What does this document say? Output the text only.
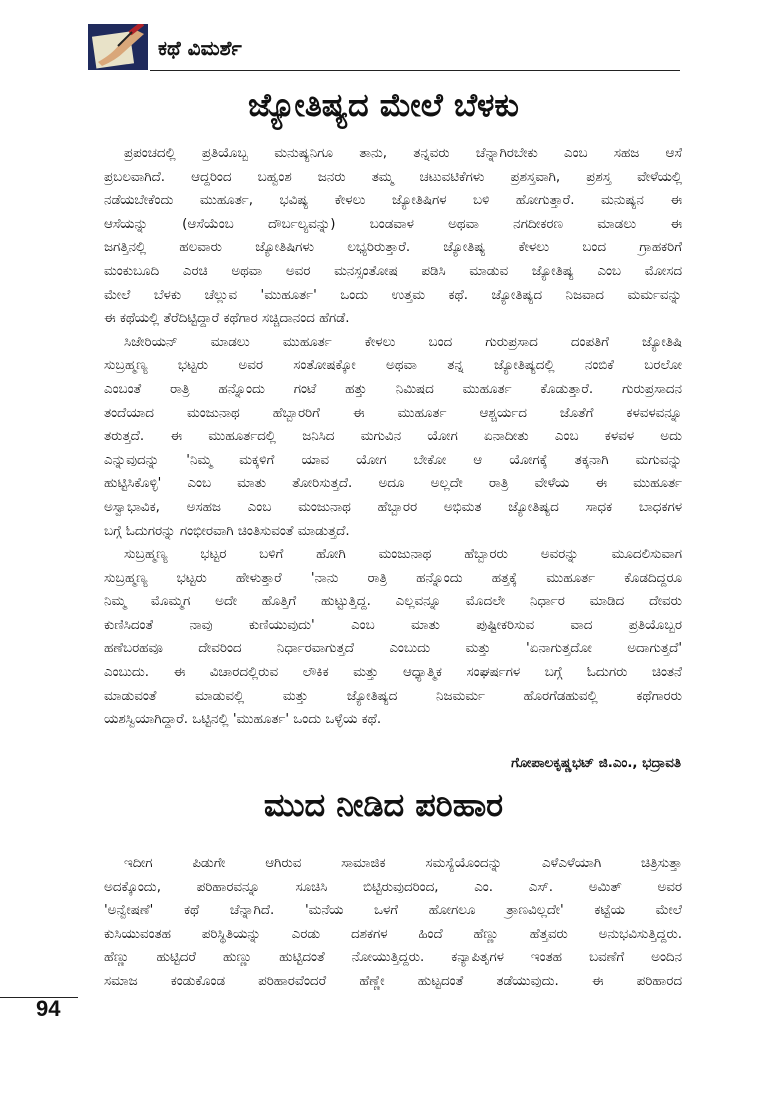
ಕಥೆ ವಿಮರ್ಶೆ
ಜ್ಯೋತಿಷ್ಯದ ಮೇಲೆ ಬೆಳಕು
ಪ್ರಪಂಚದಲ್ಲಿ ಪ್ರತಿಯೊಬ್ಬ ಮನುಷ್ಯನಿಗೂ ತಾನು, ತನ್ನವರು ಚೆನ್ನಾಗಿರಬೇಕು ಎಂಬ ಸಹಜ ಆಸೆ
ಪ್ರಬಲವಾಗಿದೆ. ಆದ್ದರಿಂದ ಬಹ್ವಂಶ ಜನರು ತಮ್ಮ ಚಟುವಟಿಕೆಗಳು ಪ್ರಶಸ್ತವಾಗಿ, ಪ್ರಶಸ್ತ ವೇಳೆಯಲ್ಲಿ
ನಡೆಯಬೇಕೆಂದು ಮುಹೂರ್ತ, ಭವಿಷ್ಯ ಕೇಳಲು ಜ್ಯೋತಿಷಿಗಳ ಬಳಿ ಹೋಗುತ್ತಾರೆ. ಮನುಷ್ಯನ ಈ
ಆಸೆಯನ್ನು (ಆಸೆಯೆಂಬ ದೌರ್ಬಲ್ಯವನ್ನು) ಬಂಡವಾಳ ಅಥವಾ ನಗದೀಕರಣ ಮಾಡಲು ಈ
ಜಗತ್ತಿನಲ್ಲಿ ಹಲವಾರು ಜ್ಯೋತಿಷಿಗಳು ಲಭ್ಯರಿರುತ್ತಾರೆ. ಜ್ಯೋತಿಷ್ಯ ಕೇಳಲು ಬಂದ ಗ್ರಾಹಕರಿಗೆ
ಮಂಕುಬೂದಿ ಎರಚಿ ಅಥವಾ ಅವರ ಮನಸ್ಸಂತೋಷ ಪಡಿಸಿ ಮಾಡುವ ಜ್ಯೋತಿಷ್ಯ ಎಂಬ ಮೋಸದ
ಮೇಲೆ ಬೆಳಕು ಚೆಲ್ಲುವ 'ಮುಹೂರ್ತ' ಒಂದು ಉತ್ತಮ ಕಥೆ. ಜ್ಯೋತಿಷ್ಯದ ನಿಜವಾದ ಮರ್ಮವನ್ನು
ಈ ಕಥೆಯಲ್ಲಿ ತೆರೆದಿಟ್ಟಿದ್ದಾರೆ ಕಥೆಗಾರ ಸಚ್ಚಿದಾನಂದ ಹೆಗಡೆ.
ಸಿಜೇರಿಯನ್ ಮಾಡಲು ಮುಹೂರ್ತ ಕೇಳಲು ಬಂದ ಗುರುಪ್ರಸಾದ ದಂಪತಿಗೆ ಜ್ಯೋತಿಷಿ
ಸುಬ್ರಹ್ಮಣ್ಯ ಭಟ್ಟರು ಅವರ ಸಂತೋಷಕ್ಕೋ ಅಥವಾ ತನ್ನ ಜ್ಯೋತಿಷ್ಯದಲ್ಲಿ ನಂಬಿಕೆ ಬರಲೋ
ಎಂಬಂತೆ ರಾತ್ರಿ ಹನ್ನೊಂದು ಗಂಟೆ ಹತ್ತು ನಿಮಿಷದ ಮುಹೂರ್ತ ಕೊಡುತ್ತಾರೆ. ಗುರುಪ್ರಸಾದನ
ತಂದೆಯಾದ ಮಂಜುನಾಥ ಹೆಬ್ಬಾರರಿಗೆ ಈ ಮುಹೂರ್ತ ಆಶ್ಚರ್ಯದ ಜೊತೆಗೆ ಕಳವಳವನ್ನೂ
ತರುತ್ತದೆ. ಈ ಮುಹೂರ್ತದಲ್ಲಿ ಜನಿಸಿದ ಮಗುವಿನ ಯೋಗ ಏನಾದೀತು ಎಂಬ ಕಳವಳ ಅದು
ಎನ್ನುವುದನ್ನು 'ನಿಮ್ಮ ಮಕ್ಕಳಿಗೆ ಯಾವ ಯೋಗ ಬೇಕೋ ಆ ಯೋಗಕ್ಕೆ ತಕ್ಕನಾಗಿ ಮಗುವನ್ನು
ಹುಟ್ಟಿಸಿಕೊಳ್ಳಿ' ಎಂಬ ಮಾತು ತೋರಿಸುತ್ತದೆ. ಅದೂ ಅಲ್ಲದೇ ರಾತ್ರಿ ವೇಳೆಯ ಈ ಮುಹೂರ್ತ
ಅಸ್ವಾಭಾವಿಕ, ಅಸಹಜ ಎಂಬ ಮಂಜುನಾಥ ಹೆಬ್ಬಾರರ ಅಭಿಮತ ಜ್ಯೋತಿಷ್ಯದ ಸಾಧಕ ಬಾಧಕಗಳ
ಬಗ್ಗೆ ಓದುಗರನ್ನು ಗಂಭೀರವಾಗಿ ಚಿಂತಿಸುವಂತೆ ಮಾಡುತ್ತದೆ.
ಸುಬ್ರಹ್ಮಣ್ಯ ಭಟ್ಟರ ಬಳಿಗೆ ಹೋಗಿ ಮಂಜುನಾಥ ಹೆಬ್ಬಾರರು ಅವರನ್ನು ಮೂದಲಿಸುವಾಗ
ಸುಬ್ರಹ್ಮಣ್ಯ ಭಟ್ಟರು ಹೇಳುತ್ತಾರೆ 'ನಾನು ರಾತ್ರಿ ಹನ್ನೊಂದು ಹತ್ತಕ್ಕೆ ಮುಹೂರ್ತ ಕೊಡದಿದ್ದರೂ
ನಿಮ್ಮ ಮೊಮ್ಮಗ ಅದೇ ಹೊತ್ತಿಗೆ ಹುಟ್ಟುತ್ತಿದ್ದ. ಎಲ್ಲವನ್ನೂ ಮೊದಲೇ ನಿರ್ಧಾರ ಮಾಡಿದ ದೇವರು
ಕುಣಿಸಿದಂತೆ ನಾವು ಕುಣಿಯುವುದು' ಎಂಬ ಮಾತು ಪುಷ್ಟೀಕರಿಸುವ ವಾದ ಪ್ರತಿಯೊಬ್ಬರ
ಹಣೆಬರಹವೂ ದೇವರಿಂದ ನಿರ್ಧಾರವಾಗುತ್ತದೆ ಎಂಬುದು ಮತ್ತು 'ಏನಾಗುತ್ತದೋ ಅದಾಗುತ್ತದೆ'
ಎಂಬುದು. ಈ ವಿಚಾರದಲ್ಲಿರುವ ಲೌಕಿಕ ಮತ್ತು ಆಧ್ಯಾತ್ಮಿಕ ಸಂಘರ್ಷಗಳ ಬಗ್ಗೆ ಓದುಗರು ಚಿಂತನೆ
ಮಾಡುವಂತೆ ಮಾಡುವಲ್ಲಿ ಮತ್ತು ಜ್ಯೋತಿಷ್ಯದ ನಿಜಮರ್ಮ ಹೊರಗೆಡಹುವಲ್ಲಿ ಕಥೆಗಾರರು
ಯಶಸ್ವಿಯಾಗಿದ್ದಾರೆ. ಒಟ್ಟಿನಲ್ಲಿ 'ಮುಹೂರ್ತ' ಒಂದು ಒಳ್ಳೆಯ ಕಥೆ.
ಗೋಪಾಲಕೃಷ್ಣಭಟ್ ಜಿ.ಎಂ., ಭದ್ರಾವತಿ
ಮುದ ನೀಡಿದ ಪರಿಹಾರ
ಇದೀಗ ಪಿಡುಗೇ ಆಗಿರುವ ಸಾಮಾಜಿಕ ಸಮಸ್ಯೆಯೊಂದನ್ನು ಎಳೆಎಳೆಯಾಗಿ ಚಿತ್ರಿಸುತ್ತಾ
ಅದಕ್ಕೊಂದು, ಪರಿಹಾರವನ್ನೂ ಸೂಚಿಸಿ ಬಿಟ್ಟಿರುವುದರಿಂದ, ಎಂ. ಎಸ್. ಅಮಿತ್ ಅವರ
'ಅನ್ವೇಷಣೆ' ಕಥೆ ಚೆನ್ನಾಗಿದೆ. 'ಮನೆಯ ಒಳಗೆ ಹೋಗಲೂ ತ್ರಾಣವಿಲ್ಲದೇ' ಕಟ್ಟೆಯ ಮೇಲೆ
ಕುಸಿಯುವಂತಹ ಪರಿಸ್ಥಿತಿಯನ್ನು ಎರಡು ದಶಕಗಳ ಹಿಂದೆ ಹೆಣ್ಣು ಹೆತ್ತವರು ಅನುಭವಿಸುತ್ತಿದ್ದರು.
ಹೆಣ್ಣು ಹುಟ್ಟಿದರೆ ಹುಣ್ಣು ಹುಟ್ಟಿದಂತೆ ನೋಯುತ್ತಿದ್ದರು. ಕನ್ಯಾಪಿತೃಗಳ ಇಂತಹ ಬವಣೆಗೆ ಅಂದಿನ
ಸಮಾಜ ಕಂಡುಕೊಂಡ ಪರಿಹಾರವೆಂದರೆ ಹೆಣ್ಣೇ ಹುಟ್ಟದಂತೆ ತಡೆಯುವುದು. ಈ ಪರಿಹಾರದ
94
